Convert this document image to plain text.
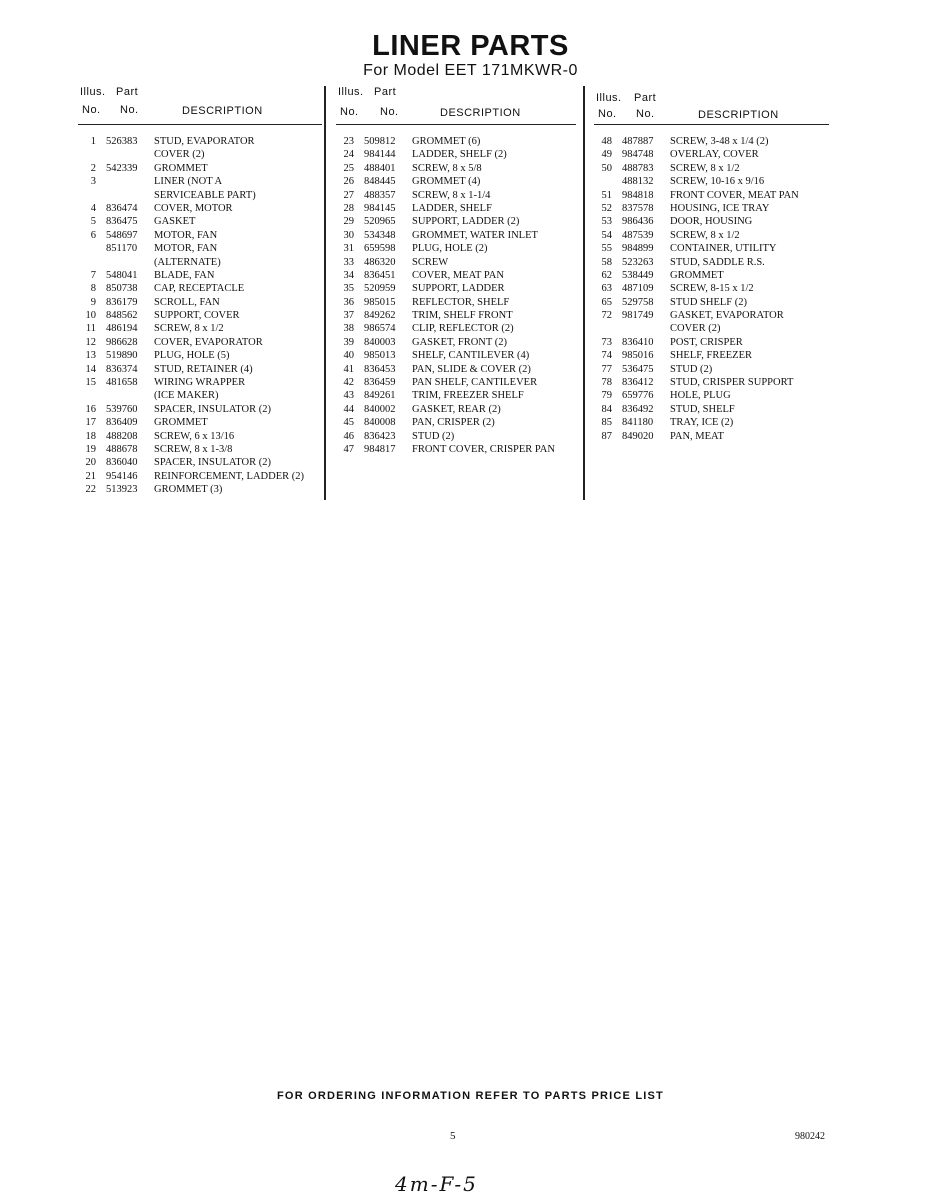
LINER PARTS
For Model EET 171MKWR-0
Illus. Part
No. No.	DESCRIPTION
1 526383 STUD, EVAPORATOR
COVER (2)
2 542339 GROMMET
3	LINER (NOT A
SERVICEABLE PART)
4 836474 COVER, MOTOR
5 836475 GASKET
6 548697 MOTOR, FAN
851170 MOTOR, FAN
(ALTERNATE)
7 548041 BLADE, FAN
8 850738 CAP, RECEPTACLE
9 836179 SCROLL, FAN
10 848562 SUPPORT, COVER
11 486194 SCREW, 8 x 1/2
12 986628 COVER, EVAPORATOR
13 519890 PLUG, HOLE (5)
14 836374 STUD, RETAINER (4)
15 481658 WIRING WRAPPER
(ICE MAKER)
16 539760 SPACER, INSULATOR (2)
17 836409 GROMMET
18 488208 SCREW, 6 x 13/16
19 488678 SCREW, 8 x 1-3/8
20 836040 SPACER, INSULATOR (2)
21 954146 REINFORCEMENT, LADDER (2)
22 513923 GROMMET (3)
Illus. Part
No. No.	DESCRIPTION
23 509812 GROMMET (6)
24 984144 LADDER, SHELF (2)
25 488401 SCREW, 8 x 5/8
26 848445 GROMMET (4)
27 488357 SCREW, 8 x 1-1/4
28 984145 LADDER, SHELF
29 520965 SUPPORT, LADDER (2)
30 534348 GROMMET, WATER INLET
31 659598 PLUG, HOLE (2)
33 486320 SCREW
34 836451 COVER, MEAT PAN
35 520959 SUPPORT, LADDER
36 985015 REFLECTOR, SHELF
37 849262 TRIM, SHELF FRONT
38 986574 CLIP, REFLECTOR (2)
39 840003 GASKET, FRONT (2)
40 985013 SHELF, CANTILEVER (4)
41 836453 PAN, SLIDE & COVER (2)
42 836459 PAN SHELF, CANTILEVER
43 849261 TRIM, FREEZER SHELF
44 840002 GASKET, REAR (2)
45 840008 PAN, CRISPER (2)
46 836423 STUD (2)
47 984817 FRONT COVER, CRISPER PAN
Illus. Part
No. No.	DESCRIPTION
48 487887 SCREW, 3-48 x 1/4 (2)
49 984748 OVERLAY, COVER
50 488783 SCREW, 8 x 1/2
488132 SCREW, 10-16 x 9/16
51 984818 FRONT COVER, MEAT PAN
52 837578 HOUSING, ICE TRAY
53 986436 DOOR, HOUSING
54 487539 SCREW, 8 x 1/2
55 984899 CONTAINER, UTILITY
58 523263 STUD, SADDLE R.S.
62 538449 GROMMET
63 487109 SCREW, 8-15 x 1/2
65 529758 STUD SHELF (2)
72 981749 GASKET, EVAPORATOR
COVER (2)
73 836410 POST, CRISPER
74 985016 SHELF, FREEZER
77 536475 STUD (2)
78 836412 STUD, CRISPER SUPPORT
79 659776 HOLE, PLUG
84 836492 STUD, SHELF
85 841180 TRAY, ICE (2)
87 849020 PAN, MEAT
FOR ORDERING INFORMATION REFER TO PARTS PRICE LIST
5	980242
4m-F-5
